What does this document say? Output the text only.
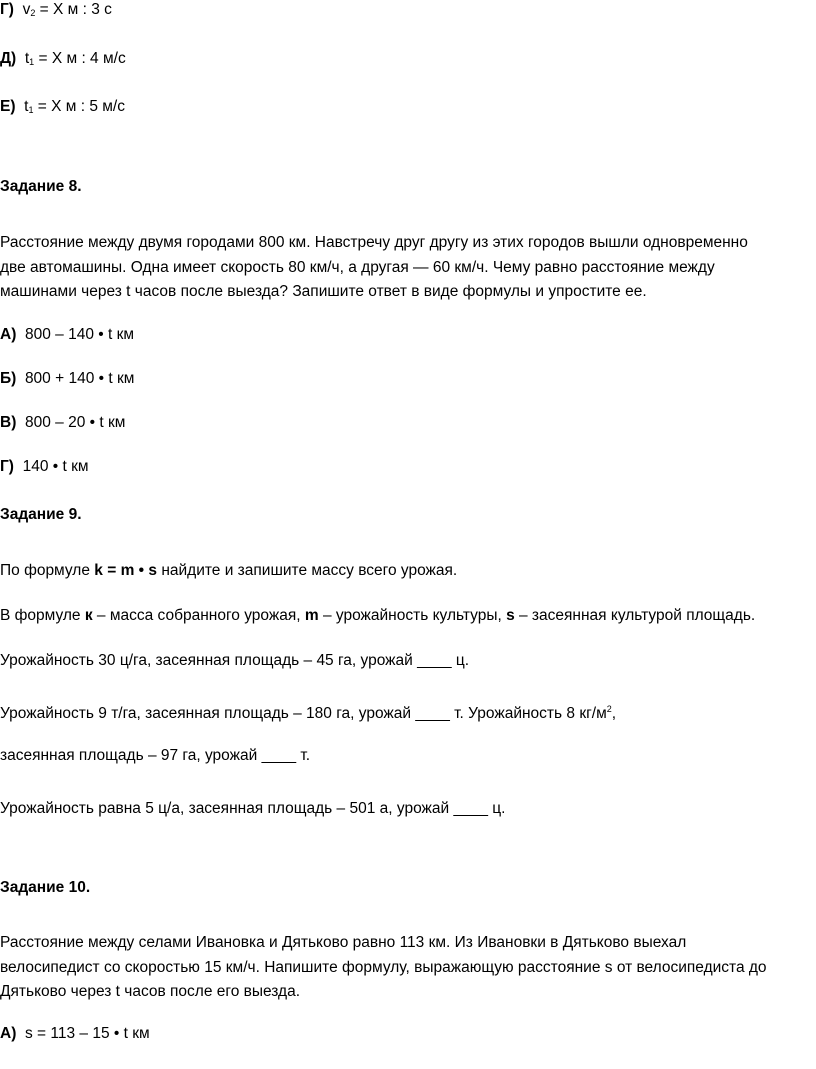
Г) $v_2 = Х$ м : 3 с
Д) $t_1 = Х$ м : 4 м/с
Е) $t_1 = Х$ м : 5 м/с
Задание 8.
Расстояние между двумя городами 800 км. Навстречу друг другу из этих городов вышли одновременно
две автомашины. Одна имеет скорость 80 км/ч, а другая — 60 км/ч. Чему равно расстояние между
машинами через t часов после выезда? Запишите ответ в виде формулы и упростите ее.
А) 800 – 140 • t км
Б) 800 + 140 • t км
В) 800 – 20 • t км
Г) 140 • t км
Задание 9.
По формуле k = m • s найдите и запишите массу всего урожая.
В формуле к – масса собранного урожая, m – урожайность культуры, s – засеянная культурой площадь.
Урожайность 30 ц/га, засеянная площадь – 45 га, урожай ____ ц.
Урожайность 9 т/га, засеянная площадь – 180 га, урожай ____ т. Урожайность 8 $кг/м^2$,
засеянная площадь – 97 га, урожай ____ т.
Урожайность равна 5 ц/а, засеянная площадь – 501 а, урожай ____ ц.
Задание 10.
Расстояние между селами Ивановка и Дятьково равно 113 км. Из Ивановки в Дятьково выехал
велосипедист со скоростью 15 км/ч. Напишите формулу, выражающую расстояние s от велосипедиста до
Дятьково через t часов после его выезда.
А) s = 113 – 15 • t км
